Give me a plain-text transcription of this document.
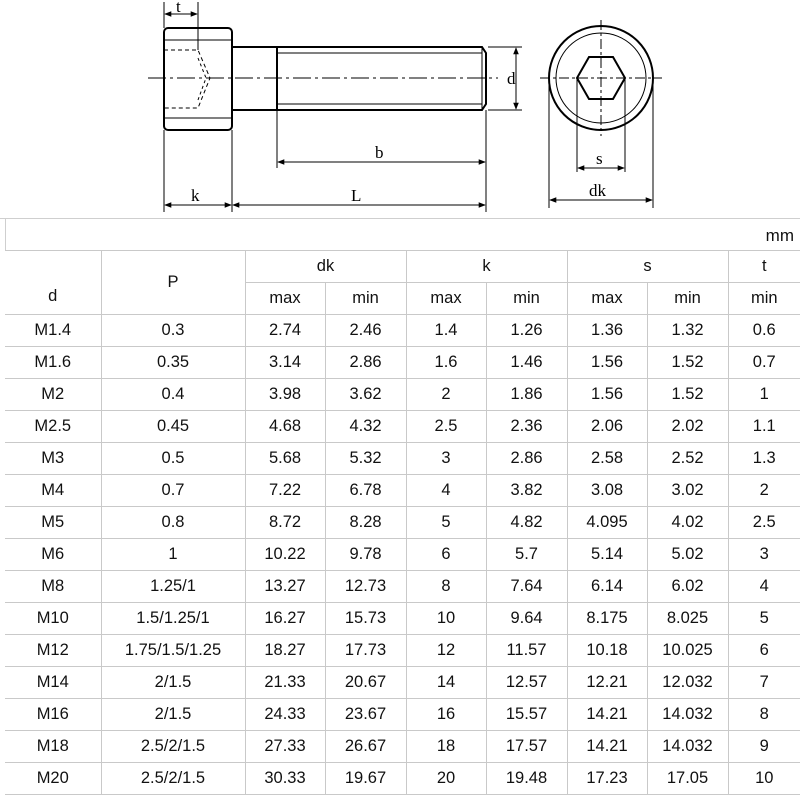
t
d
b
k	L
s
dk
mm
d	P	dk		k		s		t
		max	min	max	min	max	min	min
M1.4	0.3	2.74	2.46	1.4	1.26	1.36	1.32	0.6
M1.6	0.35	3.14	2.86	1.6	1.46	1.56	1.52	0.7
M2	0.4	3.98	3.62	2	1.86	1.56	1.52	1
M2.5	0.45	4.68	4.32	2.5	2.36	2.06	2.02	1.1
M3	0.5	5.68	5.32	3	2.86	2.58	2.52	1.3
M4	0.7	7.22	6.78	4	3.82	3.08	3.02	2
M5	0.8	8.72	8.28	5	4.82	4.095	4.02	2.5
M6	1	10.22	9.78	6	5.7	5.14	5.02	3
M8	1.25/1	13.27	12.73	8	7.64	6.14	6.02	4
M10	1.5/1.25/1	16.27	15.73	10	9.64	8.175	8.025	5
M12	1.75/1.5/1.25	18.27	17.73	12	11.57	10.18	10.025	6
M14	2/1.5	21.33	20.67	14	12.57	12.21	12.032	7
M16	2/1.5	24.33	23.67	16	15.57	14.21	14.032	8
M18	2.5/2/1.5	27.33	26.67	18	17.57	14.21	14.032	9
M20	2.5/2/1.5	30.33	19.67	20	19.48	17.23	17.05	10
